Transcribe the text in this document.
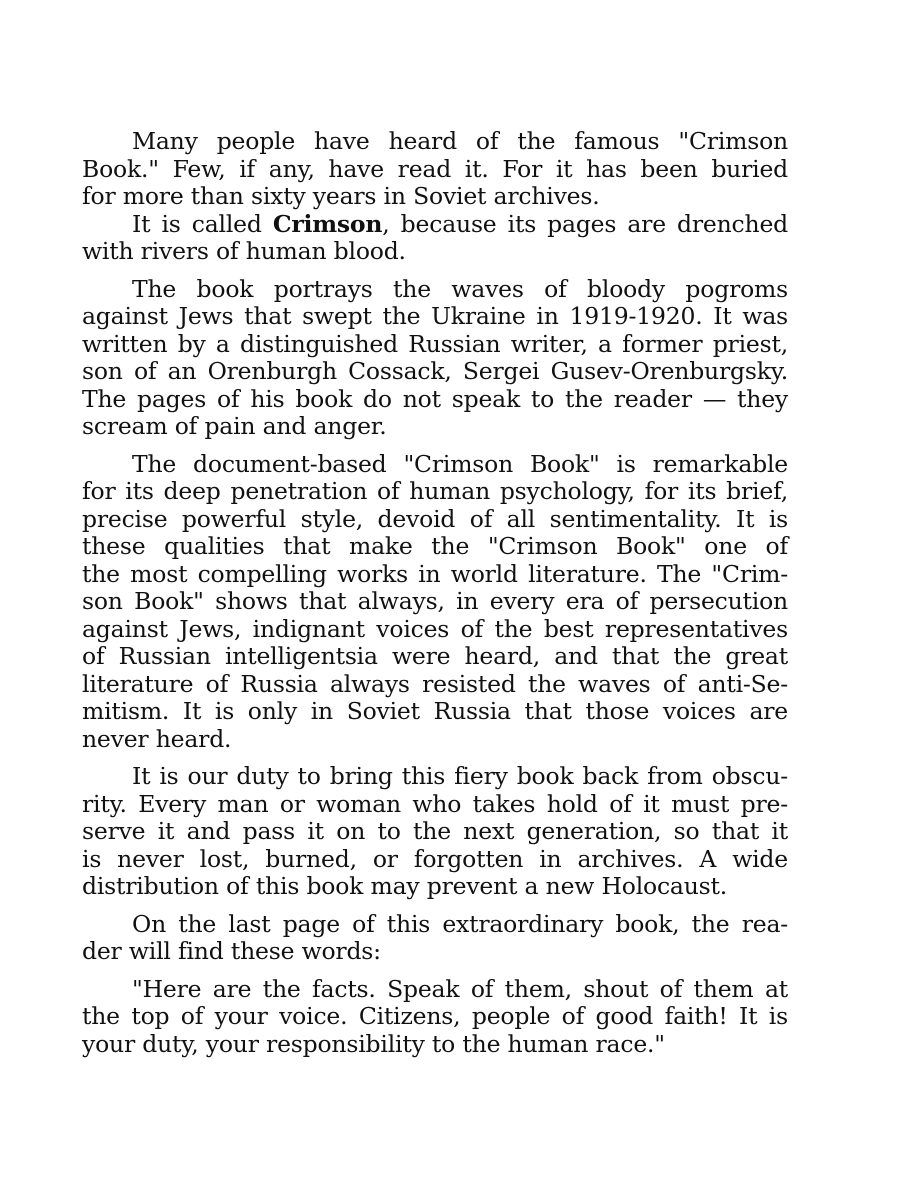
Many people have heard of the famous "Crimson
Book." Few, if any, have read it. For it has been buried
for more than sixty years in Soviet archives.

It is called Crimson, because its pages are drenched
with rivers of human blood.

The book portrays the waves of bloody pogroms
against Jews that swept the Ukraine in 1919-1920. It was
written by a distinguished Russian writer, a former priest,
son of an Orenburgh Cossack, Sergei Gusev-Orenburgsky.
The pages of his book do not speak to the reader — they
scream of pain and anger.

The document-based "Crimson Book" is remarkable
for its deep penetration of human psychology, for its brief,
precise powerful style, devoid of all sentimentality. It is
these qualities that make the "Crimson Book" one of
the most compelling works in world literature. The "Crim-
son Book" shows that always, in every era of persecution
against Jews, indignant voices of the best representatives
of Russian intelligentsia were heard, and that the great
literature of Russia always resisted the waves of anti-Se-
mitism. It is only in Soviet Russia that those voices are
never heard.

It is our duty to bring this fiery book back from obscu-
rity. Every man or woman who takes hold of it must pre-
serve it and pass it on to the next generation, so that it
is never lost, burned, or forgotten in archives. A wide
distribution of this book may prevent a new Holocaust.

On the last page of this extraordinary book, the rea-
der will find these words:

"Here are the facts. Speak of them, shout of them at
the top of your voice. Citizens, people of good faith! It is
your duty, your responsibility to the human race."
